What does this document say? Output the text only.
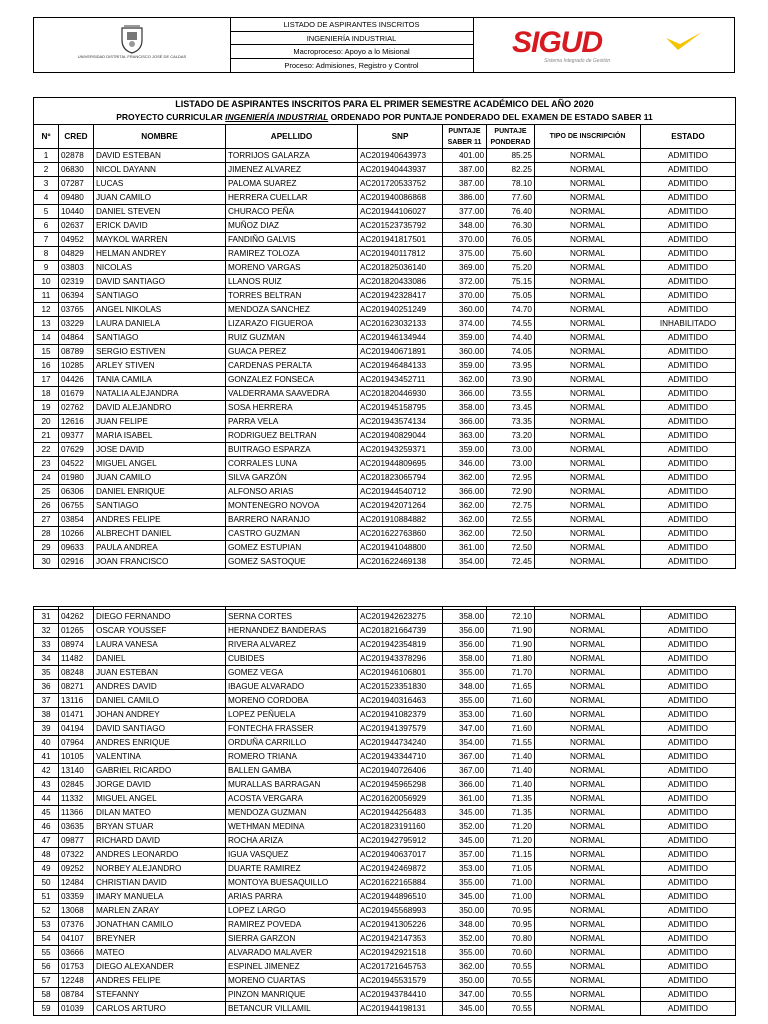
UNIVERSIDAD DISTRITAL FRANCISCO JOSÉ DE CALDAS
LISTADO DE ASPIRANTES INSCRITOS
INGENIERÍA INDUSTRIAL
Macroproceso: Apoyo a lo Misional
Proceso: Admisiones, Registro y Control
SIGUD
Sistema Integrado de Gestión
LISTADO DE ASPIRANTES INSCRITOS PARA EL PRIMER SEMESTRE ACADÉMICO DEL AÑO 2020								
PROYECTO CURRICULAR INGENIERÍA INDUSTRIAL ORDENADO POR PUNTAJE PONDERADO DEL EXAMEN DE ESTADO SABER 11								
Nº	CRED	NOMBRE	APELLIDO	SNP	PUNTAJE SABER 11	PUNTAJE PONDERAD	TIPO DE INSCRIPCIÓN	ESTADO
1	02878	DAVID ESTEBAN	TORRIJOS GALARZA	AC201940643973	401.00	85.25	NORMAL	ADMITIDO
2	06830	NICOL DAYANN	JIMENEZ ALVAREZ	AC201940443937	387.00	82.25	NORMAL	ADMITIDO
3	07287	LUCAS	PALOMA SUAREZ	AC201720533752	387.00	78.10	NORMAL	ADMITIDO
4	09480	JUAN CAMILO	HERRERA CUELLAR	AC201940086868	386.00	77.60	NORMAL	ADMITIDO
5	10440	DANIEL STEVEN	CHURACO PEÑA	AC201944106027	377.00	76.40	NORMAL	ADMITIDO
6	02637	ERICK DAVID	MUÑOZ DIAZ	AC201523735792	348.00	76.30	NORMAL	ADMITIDO
7	04952	MAYKOL WARREN	FANDIÑO GALVIS	AC201941817501	370.00	76.05	NORMAL	ADMITIDO
8	04829	HELMAN ANDREY	RAMIREZ TOLOZA	AC201940117812	375.00	75.60	NORMAL	ADMITIDO
9	03803	NICOLAS	MORENO VARGAS	AC201825036140	369.00	75.20	NORMAL	ADMITIDO
10	02319	DAVID SANTIAGO	LLANOS RUIZ	AC201820433086	372.00	75.15	NORMAL	ADMITIDO
11	06394	SANTIAGO	TORRES BELTRAN	AC201942328417	370.00	75.05	NORMAL	ADMITIDO
12	03765	ANGEL NIKOLAS	MENDOZA SANCHEZ	AC201940251249	360.00	74.70	NORMAL	ADMITIDO
13	03229	LAURA DANIELA	LIZARAZO FIGUEROA	AC201623032133	374.00	74.55	NORMAL	INHABILITADO
14	04864	SANTIAGO	RUIZ GUZMAN	AC201946134944	359.00	74.40	NORMAL	ADMITIDO
15	08789	SERGIO ESTIVEN	GUACA PEREZ	AC201940671891	360.00	74.05	NORMAL	ADMITIDO
16	10285	ARLEY STIVEN	CARDENAS PERALTA	AC201946484133	359.00	73.95	NORMAL	ADMITIDO
17	04426	TANIA CAMILA	GONZALEZ FONSECA	AC201943452711	362.00	73.90	NORMAL	ADMITIDO
18	01679	NATALIA ALEJANDRA	VALDERRAMA SAAVEDRA	AC201820446930	366.00	73.55	NORMAL	ADMITIDO
19	02762	DAVID ALEJANDRO	SOSA HERRERA	AC201945158795	358.00	73.45	NORMAL	ADMITIDO
20	12616	JUAN FELIPE	PARRA VELA	AC201943574134	366.00	73.35	NORMAL	ADMITIDO
21	09377	MARIA ISABEL	RODRIGUEZ BELTRAN	AC201940829044	363.00	73.20	NORMAL	ADMITIDO
22	07629	JOSE DAVID	BUITRAGO ESPARZA	AC201943259371	359.00	73.00	NORMAL	ADMITIDO
23	04522	MIGUEL ANGEL	CORRALES LUNA	AC201944809695	346.00	73.00	NORMAL	ADMITIDO
24	01980	JUAN CAMILO	SILVA GARZÓN	AC201823065794	362.00	72.95	NORMAL	ADMITIDO
25	06306	DANIEL ENRIQUE	ALFONSO ARIAS	AC201944540712	366.00	72.90	NORMAL	ADMITIDO
26	06755	SANTIAGO	MONTENEGRO NOVOA	AC201942071264	362.00	72.75	NORMAL	ADMITIDO
27	03854	ANDRES FELIPE	BARRERO NARANJO	AC201910884882	362.00	72.55	NORMAL	ADMITIDO
28	10266	ALBRECHT DANIEL	CASTRO GUZMAN	AC201622763860	362.00	72.50	NORMAL	ADMITIDO
29	09633	PAULA ANDREA	GOMEZ ESTUPIAN	AC201941048800	361.00	72.50	NORMAL	ADMITIDO
30	02916	JOAN FRANCISCO	GOMEZ SASTOQUE	AC201622469138	354.00	72.45	NORMAL	ADMITIDO

31	04262	DIEGO FERNANDO	SERNA CORTES	AC201942623275	358.00	72.10	NORMAL	ADMITIDO
32	01265	OSCAR YOUSSEF	HERNANDEZ BANDERAS	AC201821664739	356.00	71.90	NORMAL	ADMITIDO
33	08974	LAURA VANESA	RIVERA ALVAREZ	AC201942354819	356.00	71.90	NORMAL	ADMITIDO
34	11482	DANIEL	CUBIDES	AC201943378296	358.00	71.80	NORMAL	ADMITIDO
35	08248	JUAN ESTEBAN	GOMEZ VEGA	AC201946106801	355.00	71.70	NORMAL	ADMITIDO
36	08271	ANDRES DAVID	IBAGUE ALVARADO	AC201523351830	348.00	71.65	NORMAL	ADMITIDO
37	13116	DANIEL CAMILO	MORENO CORDOBA	AC201940316463	355.00	71.60	NORMAL	ADMITIDO
38	01471	JOHAN ANDREY	LOPEZ PEÑUELA	AC201941082379	353.00	71.60	NORMAL	ADMITIDO
39	04194	DAVID SANTIAGO	FONTECHA FRASSER	AC201941397579	347.00	71.60	NORMAL	ADMITIDO
40	07964	ANDRES ENRIQUE	ORDUÑA CARRILLO	AC201944734240	354.00	71.55	NORMAL	ADMITIDO
41	10105	VALENTINA	ROMERO TRIANA	AC201943344710	367.00	71.40	NORMAL	ADMITIDO
42	13140	GABRIEL RICARDO	BALLEN GAMBA	AC201940726406	367.00	71.40	NORMAL	ADMITIDO
43	02845	JORGE DAVID	MURALLAS BARRAGAN	AC201945965298	366.00	71.40	NORMAL	ADMITIDO
44	11332	MIGUEL ANGEL	ACOSTA VERGARA	AC201620056929	361.00	71.35	NORMAL	ADMITIDO
45	11366	DILAN MATEO	MENDOZA GUZMAN	AC201944256483	345.00	71.35	NORMAL	ADMITIDO
46	03635	BRYAN STUAR	WETHMAN MEDINA	AC201823191160	352.00	71.20	NORMAL	ADMITIDO
47	09877	RICHARD DAVID	ROCHA ARIZA	AC201942795912	345.00	71.20	NORMAL	ADMITIDO
48	07322	ANDRES LEONARDO	IGUA VASQUEZ	AC201940637017	357.00	71.15	NORMAL	ADMITIDO
49	09252	NORBEY ALEJANDRO	DUARTE RAMIREZ	AC201942469872	353.00	71.05	NORMAL	ADMITIDO
50	12484	CHRISTIAN DAVID	MONTOYA BUESAQUILLO	AC201622165884	355.00	71.00	NORMAL	ADMITIDO
51	03359	IMARY MANUELA	ARIAS PARRA	AC201944896510	345.00	71.00	NORMAL	ADMITIDO
52	13068	MARLEN ZARAY	LOPEZ LARGO	AC201945568993	350.00	70.95	NORMAL	ADMITIDO
53	07376	JONATHAN CAMILO	RAMIREZ POVEDA	AC201941305226	348.00	70.95	NORMAL	ADMITIDO
54	04107	BREYNER	SIERRA GARZON	AC201942147353	352.00	70.80	NORMAL	ADMITIDO
55	03666	MATEO	ALVARADO MALAVER	AC201942921518	355.00	70.60	NORMAL	ADMITIDO
56	01753	DIEGO ALEXANDER	ESPINEL JIMENEZ	AC201721645753	362.00	70.55	NORMAL	ADMITIDO
57	12248	ANDRES FELIPE	MORENO CUARTAS	AC201945531579	350.00	70.55	NORMAL	ADMITIDO
58	08784	STEFANNY	PINZON MANRIQUE	AC201943784410	347.00	70.55	NORMAL	ADMITIDO
59	01039	CARLOS ARTURO	BETANCUR VILLAMIL	AC201944198131	345.00	70.55	NORMAL	ADMITIDO
